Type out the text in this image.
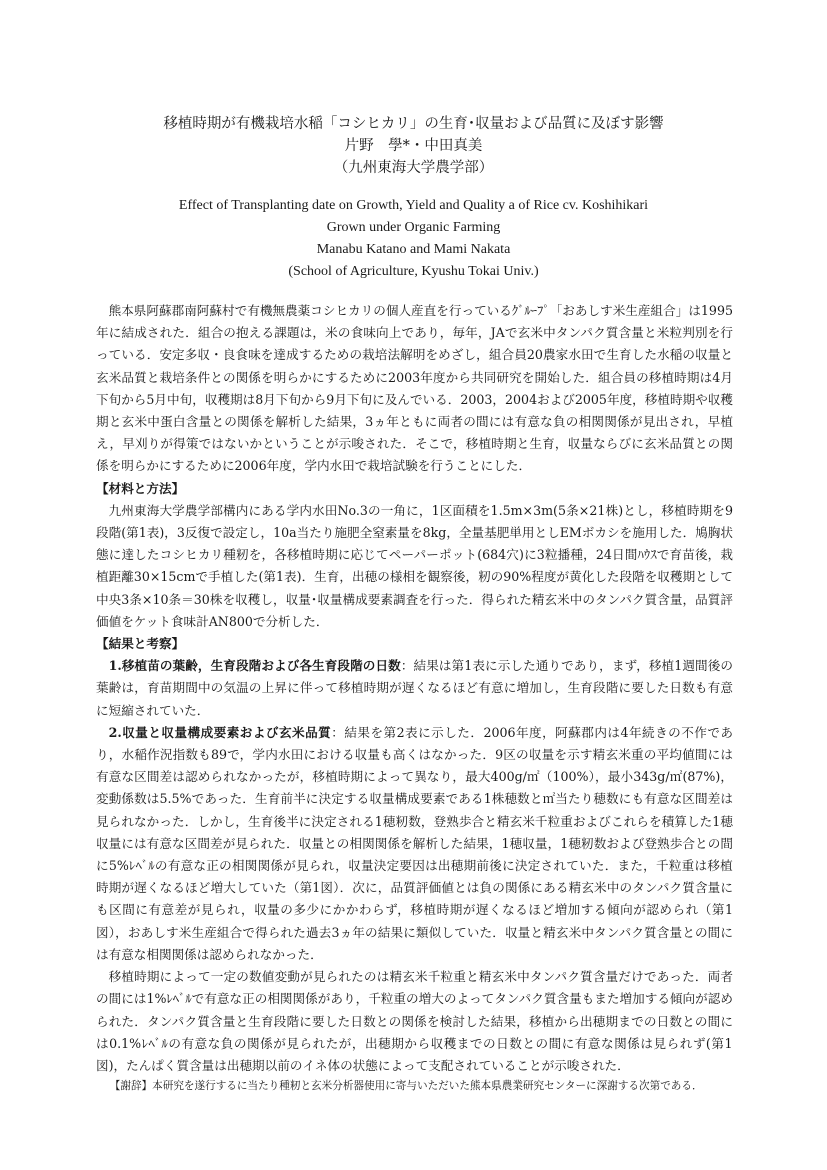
移植時期が有機栽培水稲「コシヒカリ」の生育･収量および品質に及ぼす影響
片野　學*・中田真美
（九州東海大学農学部）
Effect of Transplanting date on Growth, Yield and Quality a of Rice cv. Koshihikari
Grown under Organic Farming
Manabu Katano and Mami Nakata
(School of Agriculture, Kyushu Tokai Univ.)

熊本県阿蘇郡南阿蘇村で有機無農薬コシヒカリの個人産直を行っているｸﾞﾙｰﾌﾟ「おあしす米生産組合」は1995年に結成された．組合の抱える課題は，米の食味向上であり，毎年，JAで玄米中タンパク質含量と米粒判別を行っている．安定多収・良食味を達成するための栽培法解明をめざし，組合員20農家水田で生育した水稲の収量と玄米品質と栽培条件との関係を明らかにするために2003年度から共同研究を開始した．組合員の移植時期は4月下旬から5月中旬，収穫期は8月下旬から9月下旬に及んでいる．2003，2004および2005年度，移植時期や収穫期と玄米中蛋白含量との関係を解析した結果，3ヵ年ともに両者の間には有意な負の相関関係が見出され，早植え，早刈りが得策ではないかということが示唆された．そこで，移植時期と生育，収量ならびに玄米品質との関係を明らかにするために2006年度，学内水田で栽培試験を行うことにした．

【材料と方法】

九州東海大学農学部構内にある学内水田No.3の一角に，1区面積を1.5m×3m(5条×21株)とし，移植時期を9段階(第1表)，3反復で設定し，10a当たり施肥全窒素量を8kg，全量基肥単用としEMボカシを施用した．鳩胸状態に達したコシヒカリ種籾を，各移植時期に応じてペーパーポット(684穴)に3粒播種，24日間ﾊｳｽで育苗後，栽植距離30×15cmで手植した(第1表)．生育，出穂の様相を観察後，籾の90%程度が黄化した段階を収穫期として中央3条×10条＝30株を収穫し，収量･収量構成要素調査を行った．得られた精玄米中のタンパク質含量，品質評価値をケット食味計AN800で分析した．

【結果と考察】

1.移植苗の葉齢，生育段階および各生育段階の日数：結果は第1表に示した通りであり，まず，移植1週間後の葉齢は，育苗期間中の気温の上昇に伴って移植時期が遅くなるほど有意に増加し，生育段階に要した日数も有意に短縮されていた．

2.収量と収量構成要素および玄米品質：結果を第2表に示した．2006年度，阿蘇郡内は4年続きの不作であり，水稲作況指数も89で，学内水田における収量も高くはなかった．9区の収量を示す精玄米重の平均値間には有意な区間差は認められなかったが，移植時期によって異なり，最大400g/㎡（100%），最小343g/㎡(87%)，変動係数は5.5%であった．生育前半に決定する収量構成要素である1株穂数と㎡当たり穂数にも有意な区間差は見られなかった．しかし，生育後半に決定される1穂籾数，登熟歩合と精玄米千粒重およびこれらを積算した1穂収量には有意な区間差が見られた．収量との相関関係を解析した結果，1穂収量，1穂籾数および登熟歩合との間に5%ﾚﾍﾞﾙの有意な正の相関関係が見られ，収量決定要因は出穂期前後に決定されていた．また，千粒重は移植時期が遅くなるほど増大していた（第1図）．次に，品質評価値とは負の関係にある精玄米中のタンパク質含量にも区間に有意差が見られ，収量の多少にかかわらず，移植時期が遅くなるほど増加する傾向が認められ（第1図），おあしす米生産組合で得られた過去3ヵ年の結果に類似していた．収量と精玄米中タンパク質含量との間には有意な相関関係は認められなかった．

移植時期によって一定の数値変動が見られたのは精玄米千粒重と精玄米中タンパク質含量だけであった．両者の間には1%ﾚﾍﾞﾙで有意な正の相関関係があり，千粒重の増大のよってタンパク質含量もまた増加する傾向が認められた．タンパク質含量と生育段階に要した日数との関係を検討した結果，移植から出穂期までの日数との間には0.1%ﾚﾍﾞﾙの有意な負の関係が見られたが，出穂期から収穫までの日数との間に有意な関係は見られず(第1図)，たんぱく質含量は出穂期以前のイネ体の状態によって支配されていることが示唆された．

【謝辞】本研究を遂行するに当たり種籾と玄米分析器使用に寄与いただいた熊本県農業研究センターに深謝する次第である．
